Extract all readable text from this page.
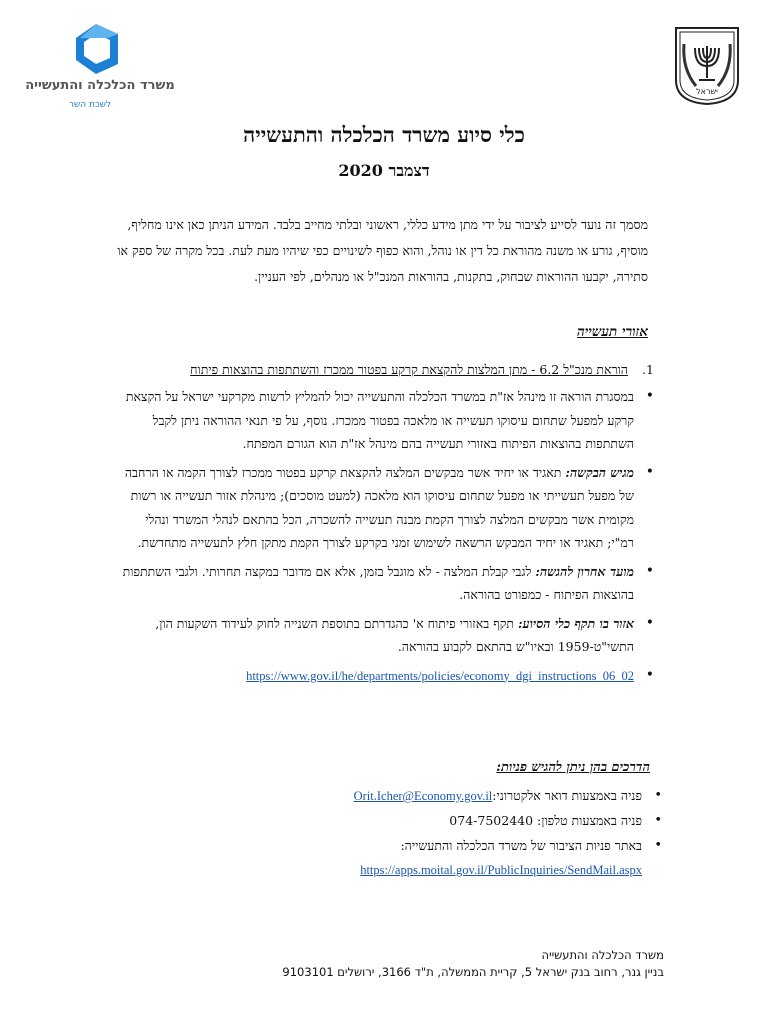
משרד הכלכלה והתעשייה
לשכת השר
ישראל
כלי סיוע משרד הכלכלה והתעשייה
דצמבר 2020
מסמך זה נועד לסייע לציבור על ידי מתן מידע כללי, ראשוני ובלתי מחייב בלבד. המידע הניתן כאן אינו מחליף, מוסיף, גורע או משנה מהוראת כל דין או נוהל, והוא כפוף לשינויים כפי שיהיו מעת לעת. בכל מקרה של ספק או סתירה, יקבעו ההוראות שבחוק, בתקנות, בהוראות המנכ"ל או מנהלים, לפי העניין.
אזורי תעשייה
1.
הוראת מנכ"ל 6.2 - מתן המלצות להקצאת קרקע בפטור ממכרז והשתתפות בהוצאות פיתוח
• במסגרת הוראה זו מינהל אז"ת במשרד הכלכלה והתעשייה יכול להמליץ לרשות מקרקעי ישראל על הקצאת קרקע למפעל שתחום עיסוקו תעשייה או מלאכה בפטור ממכרז. נוסף, על פי תנאי ההוראה ניתן לקבל השתתפות בהוצאות הפיתוח באזורי תעשייה בהם מינהל אז"ת הוא הגורם המפתח.
• מגיש הבקשה: תאגיד או יחיד אשר מבקשים המלצה להקצאת קרקע בפטור ממכרז לצורך הקמה או הרחבה של מפעל תעשייתי או מפעל שתחום עיסוקו הוא מלאכה (למעט מוסכים); מינהלת אזור תעשייה או רשות מקומית אשר מבקשים המלצה לצורך הקמת מבנה תעשייה להשכרה, הכל בהתאם לנהלי המשרד ונהלי רמ"י; תאגיד או יחיד המבקש הרשאה לשימוש זמני בקרקע לצורך הקמת מתקן חלץ לתעשייה מתחדשת.
• מועד אחרון להגשה: לגבי קבלת המלצה - לא מוגבל בזמן, אלא אם מדובר במקצה תחרותי. ולגבי השתתפות בהוצאות הפיתוח - כמפורט בהוראה.
• אזור בו תקף כלי הסיוע: תקף באזורי פיתוח א' כהגדרתם בתוספת השנייה לחוק לעידוד השקעות הון, התשי"ט-1959 ובאיו"ש בהתאם לקבוע בהוראה.
• https://www.gov.il/he/departments/policies/economy_dgi_instructions_06_02
הדרכים בהן ניתן להגיש פניות:
• פניה באמצעות דואר אלקטרוני:Orit.Icher@Economy.gov.il
• פניה באמצעות טלפון: 074-7502440
• באתר פניות הציבור של משרד הכלכלה והתעשייה:
https://apps.moital.gov.il/PublicInquiries/SendMail.aspx
משרד הכלכלה והתעשייה
בניין גנר, רחוב בנק ישראל 5, קריית הממשלה, ת"ד 3166, ירושלים 9103101
